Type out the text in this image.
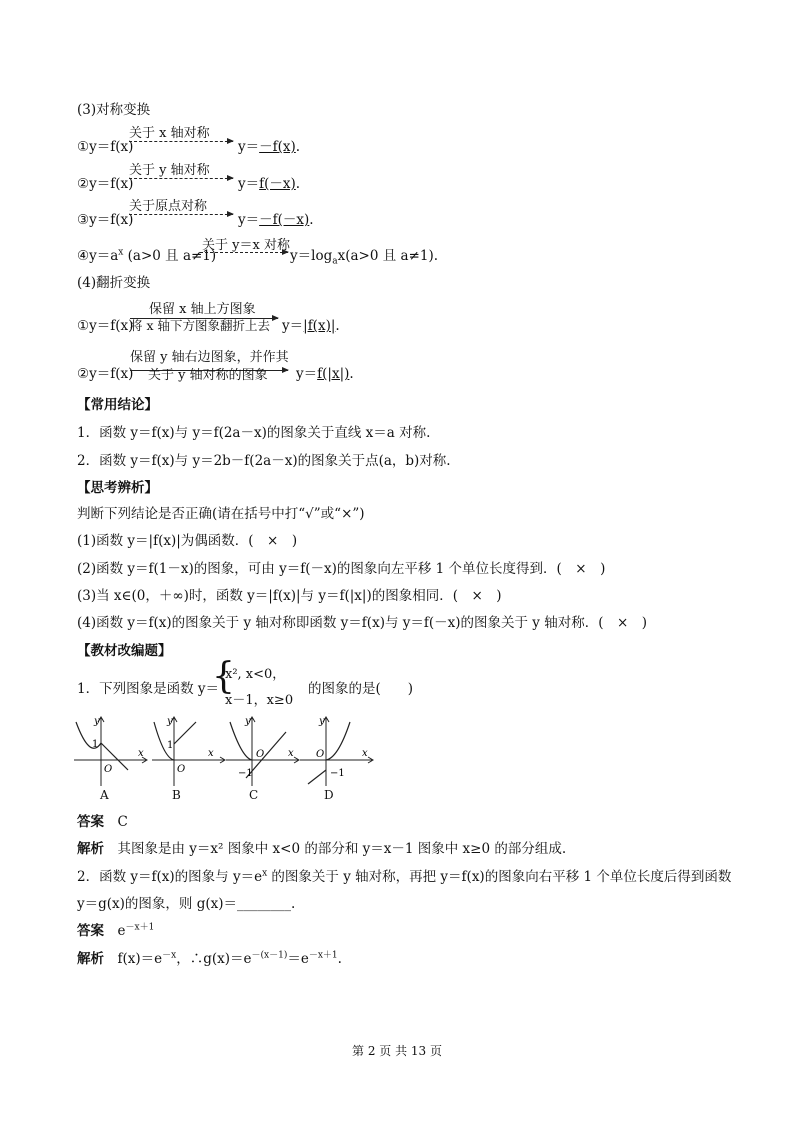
(3)对称变换
①y＝f(x)
关于 x 轴对称
y＝－f(x).
②y＝f(x)
关于 y 轴对称
y＝f(－x).
③y＝f(x)
关于原点对称
y＝－f(－x).
$④y=a^x$ (a>0 且 a≠1)
关于 y＝x 对称
$y=\log_ax(a>0$ 且 a≠1).
(4)翻折变换
①y＝f(x)
保留 x 轴上方图象
将 x 轴下方图象翻折上去 y＝|f(x)|.
②y＝f(x)
保留 y 轴右边图象，并作其
关于 y 轴对称的图象 y＝f(|x|).
【常用结论】
1．函数 y＝f(x)与 y＝f(2a－x)的图象关于直线 x＝a 对称.
2．函数 y＝f(x)与 y＝2b－f(2a－x)的图象关于点(a，b)对称.
【思考辨析】
判断下列结论是否正确(请在括号中打“√”或“×”)
(1)函数 y＝|f(x)|为偶函数．(　×　)
(2)函数 y＝f(1－x)的图象，可由 y＝f(－x)的图象向左平移 1 个单位长度得到．(　×　)
(3)当 x∈(0，＋∞)时，函数 y＝|f(x)|与 y＝f(|x|)的图象相同．(　×　)
(4)函数 y＝f(x)的图象关于 y 轴对称即函数 y＝f(x)与 y＝f(－x)的图象关于 y 轴对称．(　×　)
【教材改编题】
1．下列图象是函数 y＝
{
x², x<0，
x－1，x≥0
的图象的是(　　)
y
1
O
x
A
y
1
O
x
B
y
O
−1
x
C
y
O
−1
x
D
答案　 C
解析　 其图象是由 y＝x² 图象中 x<0 的部分和 y＝x－1 图象中 x≥0 的部分组成.
2．函数 y＝f(x)的图象与 $y=e^x$ 的图象关于 y 轴对称，再把 y＝f(x)的图象向右平移 1 个单位长度后得到函数
y＝g(x)的图象，则 g(x)＝________.
答案　 $e^{-x+1}$
解析　 $f(x)=e^{-x}$，$\therefore g(x)=e^{-(x-1)}=e^{-x+1}$.
第 2 页 共 13 页
